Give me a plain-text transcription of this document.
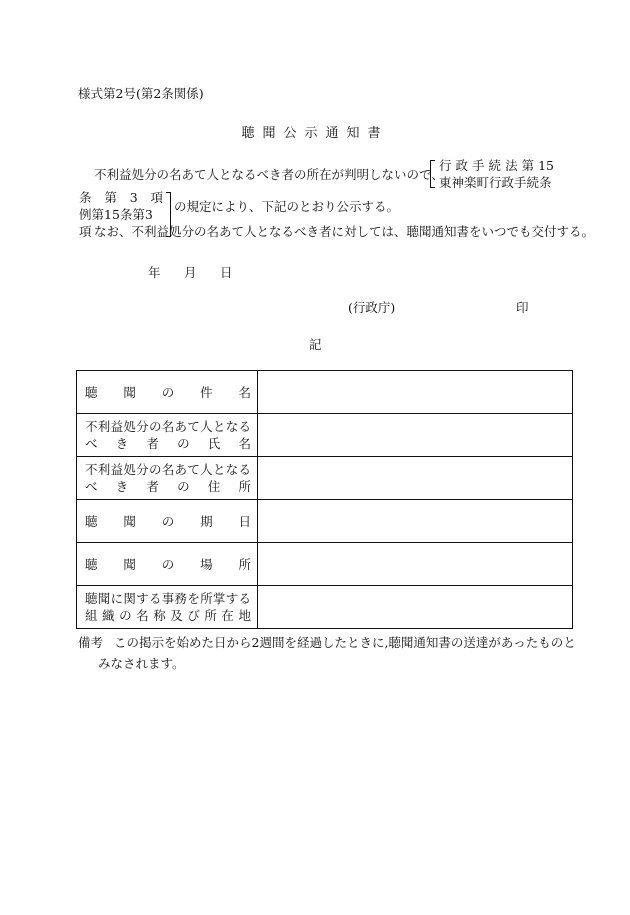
様式第2号(第2条関係)
聴聞公示通知書
不利益処分の名あて人となるべき者の所在が判明しないので、
行 政 手 続 法 第 15
東神楽町行政手続条
条 第 3 項
例第15条第3項
の規定により、下記のとおり公示する。
なお、不利益処分の名あて人となるべき者に対しては、聴聞通知書をいつでも交付する。
年 月 日
(行政庁)	印
記
聴 聞 の 件 名	

不利益処分の名あて人となるべき者の氏名	
不利益処分の名あて人となるべき者の住所	

聴 聞 の 期 日	

聴 聞 の 場 所	

聴聞に関する事務を所掌する組織の名称及び所在地	
備考 この掲示を始めた日から2週間を経過したときに,聴聞通知書の送達があったものと
みなされます。
